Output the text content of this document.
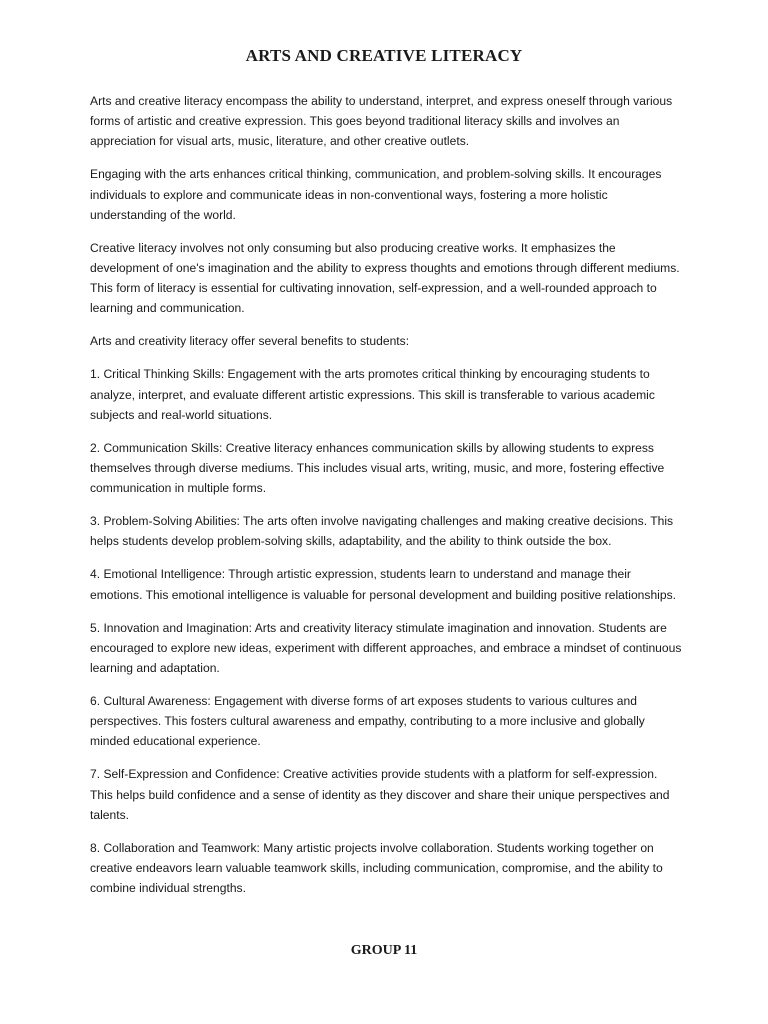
ARTS AND CREATIVE LITERACY

Arts and creative literacy encompass the ability to understand, interpret, and express oneself through various forms of artistic and creative expression. This goes beyond traditional literacy skills and involves an appreciation for visual arts, music, literature, and other creative outlets.

Engaging with the arts enhances critical thinking, communication, and problem-solving skills. It encourages individuals to explore and communicate ideas in non-conventional ways, fostering a more holistic understanding of the world.

Creative literacy involves not only consuming but also producing creative works. It emphasizes the development of one's imagination and the ability to express thoughts and emotions through different mediums. This form of literacy is essential for cultivating innovation, self-expression, and a well-rounded approach to learning and communication.

Arts and creativity literacy offer several benefits to students:

1. Critical Thinking Skills: Engagement with the arts promotes critical thinking by encouraging students to analyze, interpret, and evaluate different artistic expressions. This skill is transferable to various academic subjects and real-world situations.

2. Communication Skills: Creative literacy enhances communication skills by allowing students to express themselves through diverse mediums. This includes visual arts, writing, music, and more, fostering effective communication in multiple forms.

3. Problem-Solving Abilities: The arts often involve navigating challenges and making creative decisions. This helps students develop problem-solving skills, adaptability, and the ability to think outside the box.

4. Emotional Intelligence: Through artistic expression, students learn to understand and manage their emotions. This emotional intelligence is valuable for personal development and building positive relationships.

5. Innovation and Imagination: Arts and creativity literacy stimulate imagination and innovation. Students are encouraged to explore new ideas, experiment with different approaches, and embrace a mindset of continuous learning and adaptation.

6. Cultural Awareness: Engagement with diverse forms of art exposes students to various cultures and perspectives. This fosters cultural awareness and empathy, contributing to a more inclusive and globally minded educational experience.

7. Self-Expression and Confidence: Creative activities provide students with a platform for self-expression. This helps build confidence and a sense of identity as they discover and share their unique perspectives and talents.

8. Collaboration and Teamwork: Many artistic projects involve collaboration. Students working together on creative endeavors learn valuable teamwork skills, including communication, compromise, and the ability to combine individual strengths.

GROUP 11
